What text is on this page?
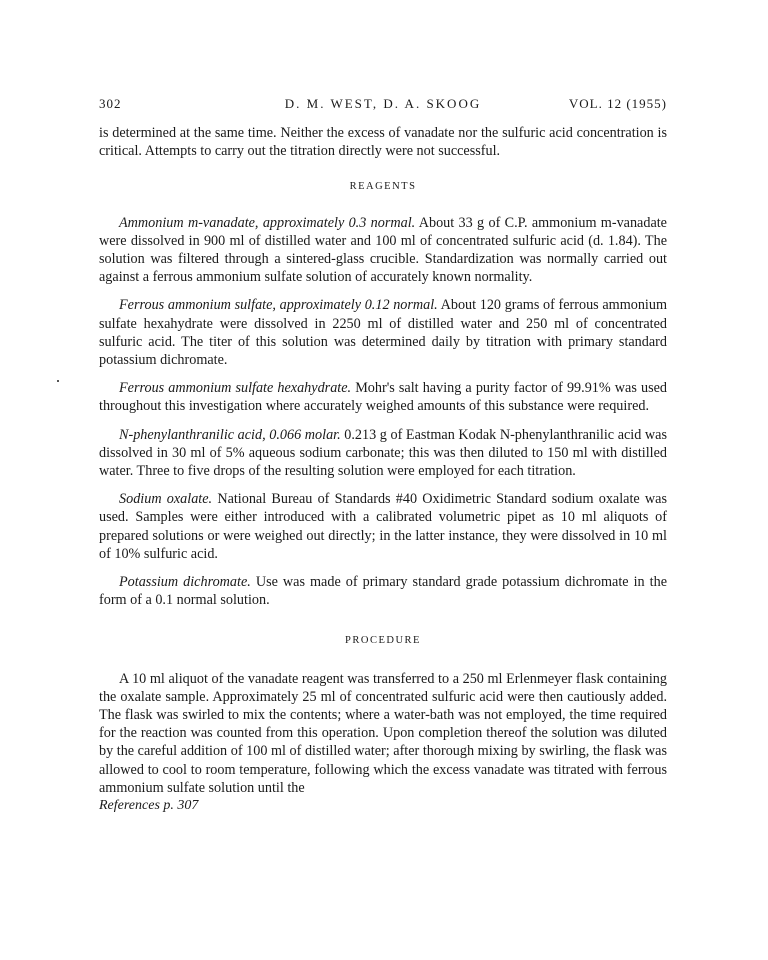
302	D. M. WEST, D. A. SKOOG	VOL. 12 (1955)

is determined at the same time. Neither the excess of vanadate nor the sulfuric acid concentration is critical. Attempts to carry out the titration directly were not successful.

REAGENTS

Ammonium m-vanadate, approximately 0.3 normal. About 33 g of C.P. ammonium m-vanadate were dissolved in 900 ml of distilled water and 100 ml of concentrated sulfuric acid (d. 1.84). The solution was filtered through a sintered-glass crucible. Standardization was normally carried out against a ferrous ammonium sulfate solution of accurately known normality.

Ferrous ammonium sulfate, approximately 0.12 normal. About 120 grams of ferrous ammonium sulfate hexahydrate were dissolved in 2250 ml of distilled water and 250 ml of concentrated sulfuric acid. The titer of this solution was determined daily by titration with primary standard potassium dichromate.

Ferrous ammonium sulfate hexahydrate. Mohr's salt having a purity factor of 99.91% was used throughout this investigation where accurately weighed amounts of this substance were required.

N-phenylanthranilic acid, 0.066 molar. 0.213 g of Eastman Kodak N-phenylanthranilic acid was dissolved in 30 ml of 5% aqueous sodium carbonate; this was then diluted to 150 ml with distilled water. Three to five drops of the resulting solution were employed for each titration.

Sodium oxalate. National Bureau of Standards #40 Oxidimetric Standard sodium oxalate was used. Samples were either introduced with a calibrated volumetric pipet as 10 ml aliquots of prepared solutions or were weighed out directly; in the latter instance, they were dissolved in 10 ml of 10% sulfuric acid.

Potassium dichromate. Use was made of primary standard grade potassium dichromate in the form of a 0.1 normal solution.

PROCEDURE

A 10 ml aliquot of the vanadate reagent was transferred to a 250 ml Erlenmeyer flask containing the oxalate sample. Approximately 25 ml of concentrated sulfuric acid were then cautiously added. The flask was swirled to mix the contents; where a water-bath was not employed, the time required for the reaction was counted from this operation. Upon completion thereof the solution was diluted by the careful addition of 100 ml of distilled water; after thorough mixing by swirling, the flask was allowed to cool to room temperature, following which the excess vanadate was titrated with ferrous ammonium sulfate solution until the

References p. 307
